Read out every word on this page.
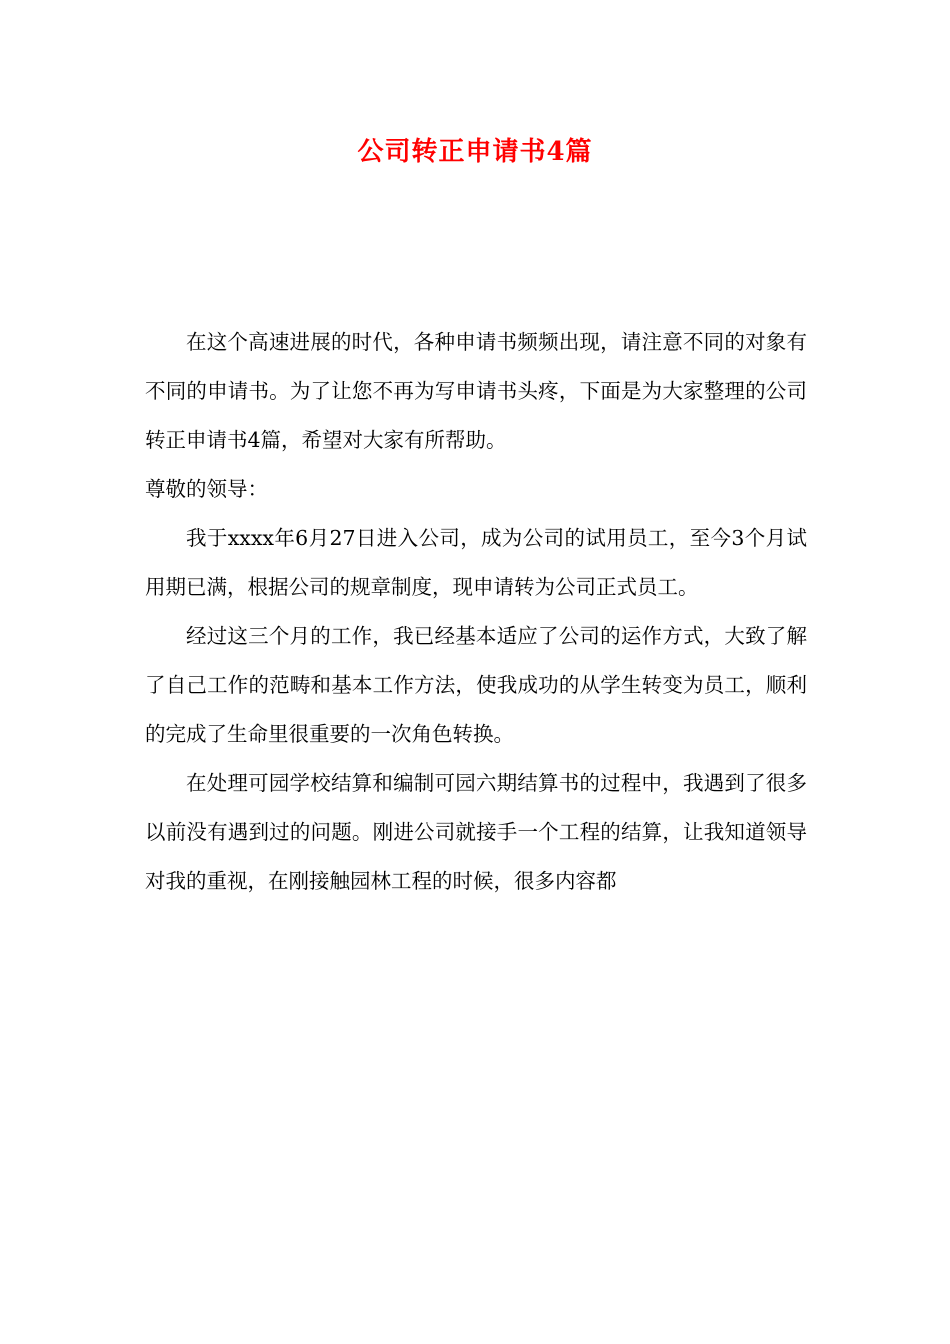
公司转正申请书4篇

在这个高速进展的时代，各种申请书频频出现，请注意不同的对象有不同的申请书。为了让您不再为写申请书头疼，下面是为大家整理的公司转正申请书4篇，希望对大家有所帮助。

尊敬的领导：

我于xxxx年6月27日进入公司，成为公司的试用员工，至今3个月试用期已满，根据公司的规章制度，现申请转为公司正式员工。

经过这三个月的工作，我已经基本适应了公司的运作方式，大致了解了自己工作的范畴和基本工作方法，使我成功的从学生转变为员工，顺利的完成了生命里很重要的一次角色转换。

在处理可园学校结算和编制可园六期结算书的过程中，我遇到了很多以前没有遇到过的问题。刚进公司就接手一个工程的结算，让我知道领导对我的重视，在刚接触园林工程的时候，很多内容都
